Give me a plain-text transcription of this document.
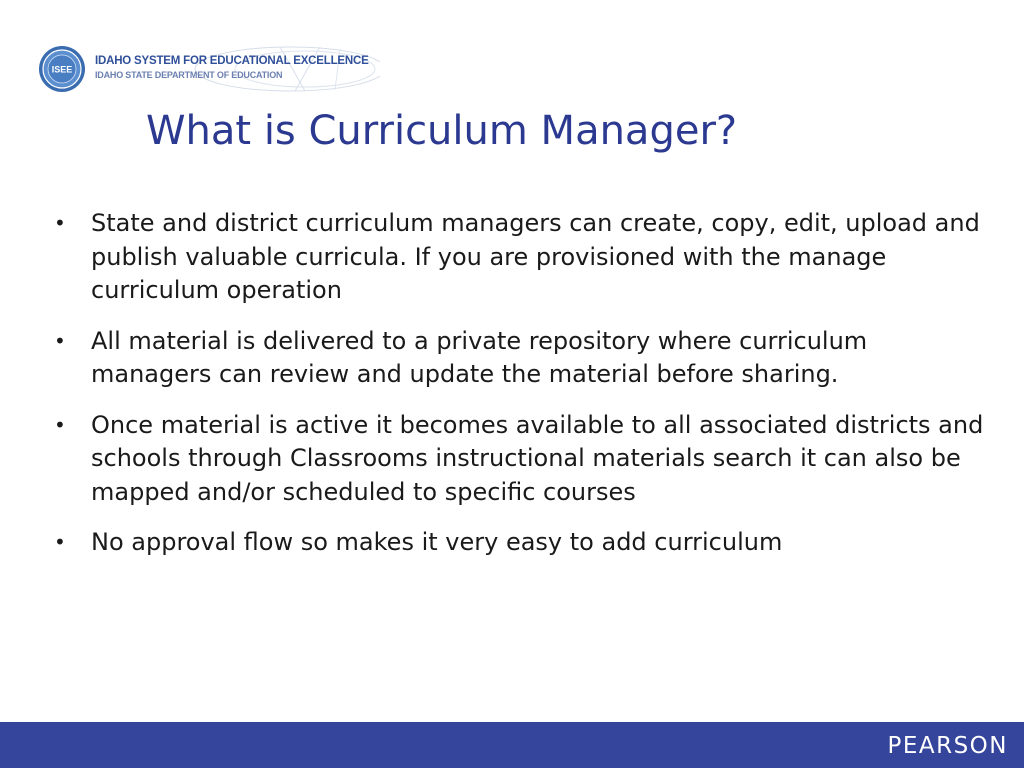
ISEE
IDAHO SYSTEM FOR EDUCATIONAL EXCELLENCE
IDAHO STATE DEPARTMENT OF EDUCATION
What is Curriculum Manager?
• State and district curriculum managers can create, copy, edit, upload and publish valuable curricula. If you are provisioned with the manage curriculum operation
• All material is delivered to a private repository where curriculum managers can review and update the material before sharing.
• Once material is active it becomes available to all associated districts and schools through Classrooms instructional materials search it can also be mapped and/or scheduled to specific courses
• No approval flow so makes it very easy to add curriculum
PEARSON
